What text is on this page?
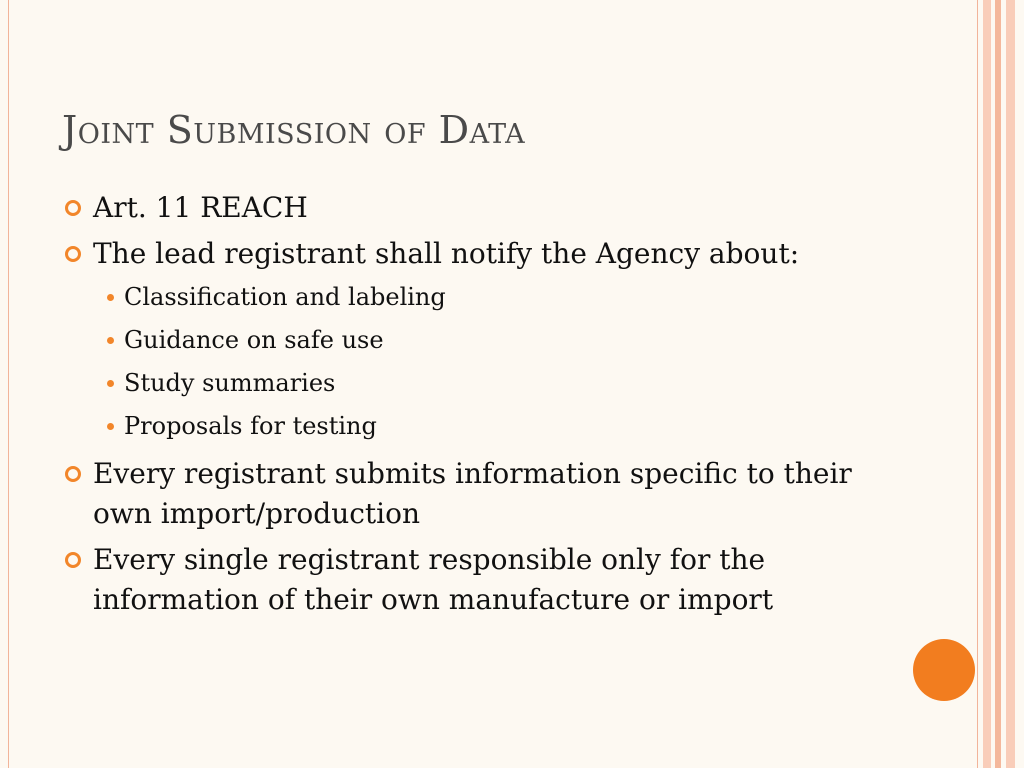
Joint Submission of Data
Art. 11 REACH
The lead registrant shall notify the Agency about:
Classification and labeling
Guidance on safe use
Study summaries
Proposals for testing
Every registrant submits information specific to their own import/production
Every single registrant responsible only for the information of their own manufacture or import
